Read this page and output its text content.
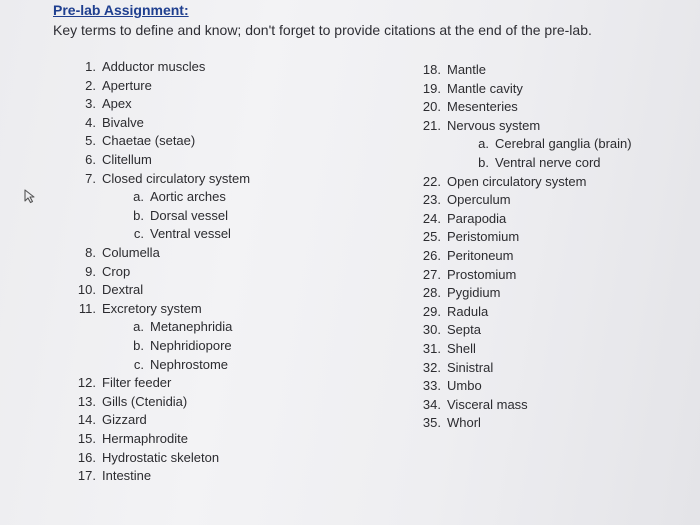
Pre-lab Assignment:
Key terms to define and know; don't forget to provide citations at the end of the pre-lab.
1. Adductor muscles
2. Aperture
3. Apex
4. Bivalve
5. Chaetae (setae)
6. Clitellum
7. Closed circulatory system
a. Aortic arches
b. Dorsal vessel
c. Ventral vessel
8. Columella
9. Crop
10. Dextral
11. Excretory system
a. Metanephridia
b. Nephridiopore
c. Nephrostome
12. Filter feeder
13. Gills (Ctenidia)
14. Gizzard
15. Hermaphrodite
16. Hydrostatic skeleton
17. Intestine
18. Mantle
19. Mantle cavity
20. Mesenteries
21. Nervous system
a. Cerebral ganglia (brain)
b. Ventral nerve cord
22. Open circulatory system
23. Operculum
24. Parapodia
25. Peristomium
26. Peritoneum
27. Prostomium
28. Pygidium
29. Radula
30. Septa
31. Shell
32. Sinistral
33. Umbo
34. Visceral mass
35. Whorl
